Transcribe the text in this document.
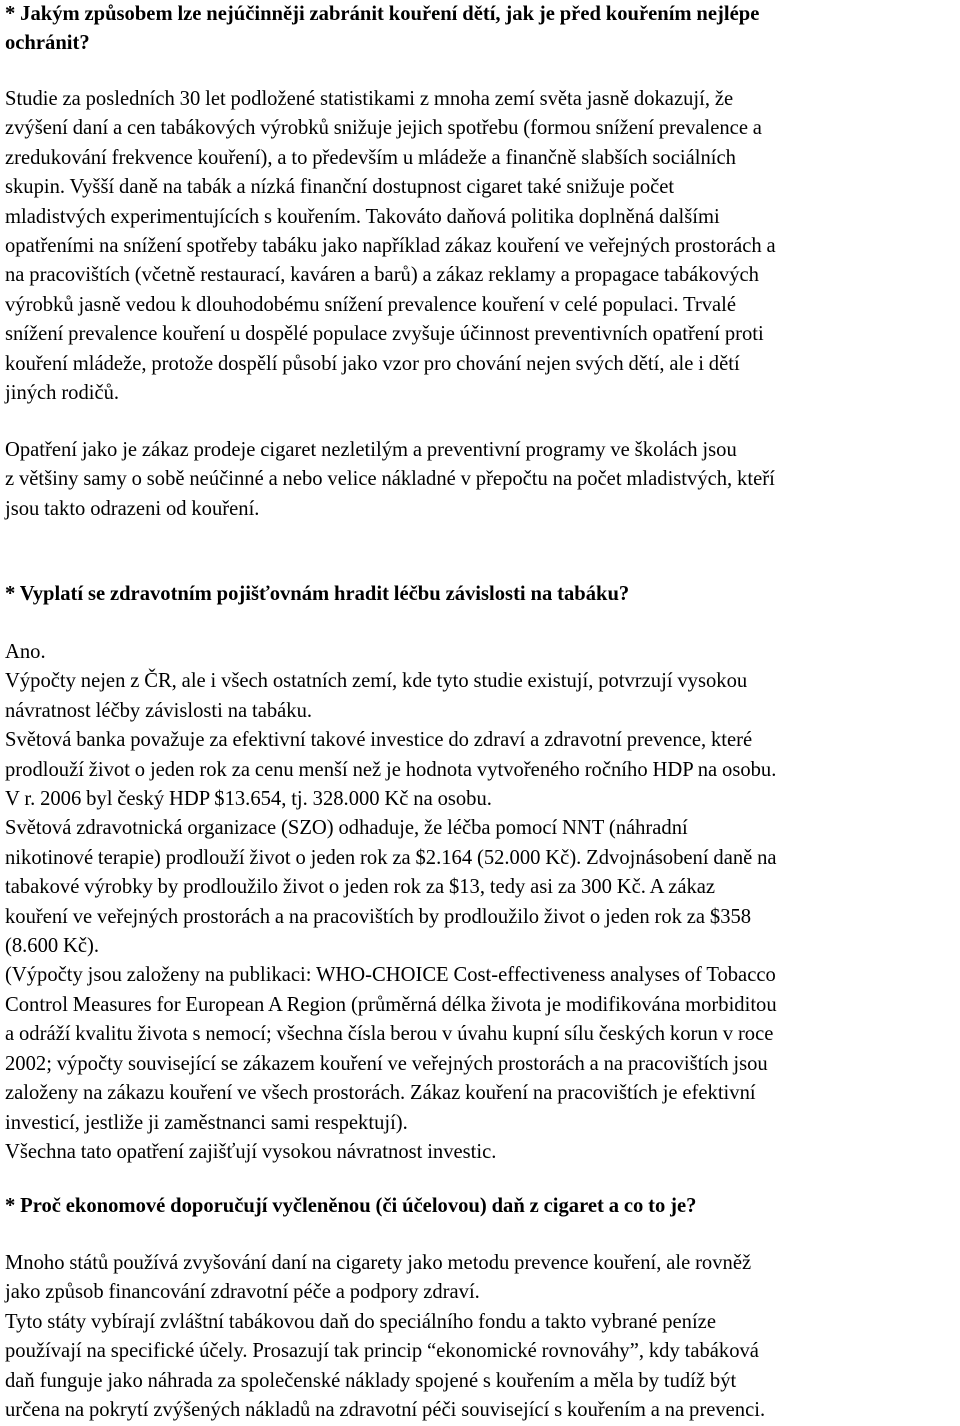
* Jakým způsobem lze nejúčinněji zabránit kouření dětí, jak je před kouřením nejlépe
ochránit?
Studie za posledních 30 let podložené statistikami z mnoha zemí světa jasně dokazují, že
zvýšení daní a cen tabákových výrobků snižuje jejich spotřebu (formou snížení prevalence a
zredukování frekvence kouření), a to především u mládeže a finančně slabších sociálních
skupin. Vyšší daně na tabák a nízká finanční dostupnost cigaret také snižuje počet
mladistvých experimentujících s kouřením. Takováto daňová politika doplněná dalšími
opatřeními na snížení spotřeby tabáku jako například zákaz kouření ve veřejných prostorách a
na pracovištích (včetně restaurací, kaváren a barů) a zákaz reklamy a propagace tabákových
výrobků jasně vedou k dlouhodobému snížení prevalence kouření v celé populaci. Trvalé
snížení prevalence kouření u dospělé populace zvyšuje účinnost preventivních opatření proti
kouření mládeže, protože dospělí působí jako vzor pro chování nejen svých dětí, ale i dětí
jiných rodičů.
Opatření jako je zákaz prodeje cigaret nezletilým a preventivní programy ve školách jsou
z většiny samy o sobě neúčinné a nebo velice nákladné v přepočtu na počet mladistvých, kteří
jsou takto odrazeni od kouření.
* Vyplatí se zdravotním pojišťovnám hradit léčbu závislosti na tabáku?
Ano.
Výpočty nejen z ČR, ale i všech ostatních zemí, kde tyto studie existují, potvrzují vysokou
návratnost léčby závislosti na tabáku.
Světová banka považuje za efektivní takové investice do zdraví a zdravotní prevence, které
prodlouží život o jeden rok za cenu menší než je hodnota vytvořeného ročního HDP na osobu.
V r. 2006 byl český HDP $13.654, tj. 328.000 Kč na osobu.
Světová zdravotnická organizace (SZO) odhaduje, že léčba pomocí NNT (náhradní
nikotinové terapie) prodlouží život o jeden rok za $2.164 (52.000 Kč). Zdvojnásobení daně na
tabakové výrobky by prodloužilo život o jeden rok za $13, tedy asi za 300 Kč. A zákaz
kouření ve veřejných prostorách a na pracovištích by prodloužilo život o jeden rok za $358
(8.600 Kč).
(Výpočty jsou založeny na publikaci: WHO-CHOICE Cost-effectiveness analyses of Tobacco
Control Measures for European A Region (průměrná délka života je modifikována morbiditou
a odráží kvalitu života s nemocí; všechna čísla berou v úvahu kupní sílu českých korun v roce
2002; výpočty související se zákazem kouření ve veřejných prostorách a na pracovištích jsou
založeny na zákazu kouření ve všech prostorách. Zákaz kouření na pracovištích je efektivní
investicí, jestliže ji zaměstnanci sami respektují).
Všechna tato opatření zajišťují vysokou návratnost investic.
* Proč ekonomové doporučují vyčleněnou (či účelovou) daň z cigaret a co to je?
Mnoho států používá zvyšování daní na cigarety jako metodu prevence kouření, ale rovněž
jako způsob financování zdravotní péče a podpory zdraví.
Tyto státy vybírají zvláštní tabákovou daň do speciálního fondu a takto vybrané peníze
používají na specifické účely. Prosazují tak princip “ekonomické rovnováhy”, kdy tabáková
daň funguje jako náhrada za společenské náklady spojené s kouřením a měla by tudíž být
určena na pokrytí zvýšených nákladů na zdravotní péči související s kouřením a na prevenci.
